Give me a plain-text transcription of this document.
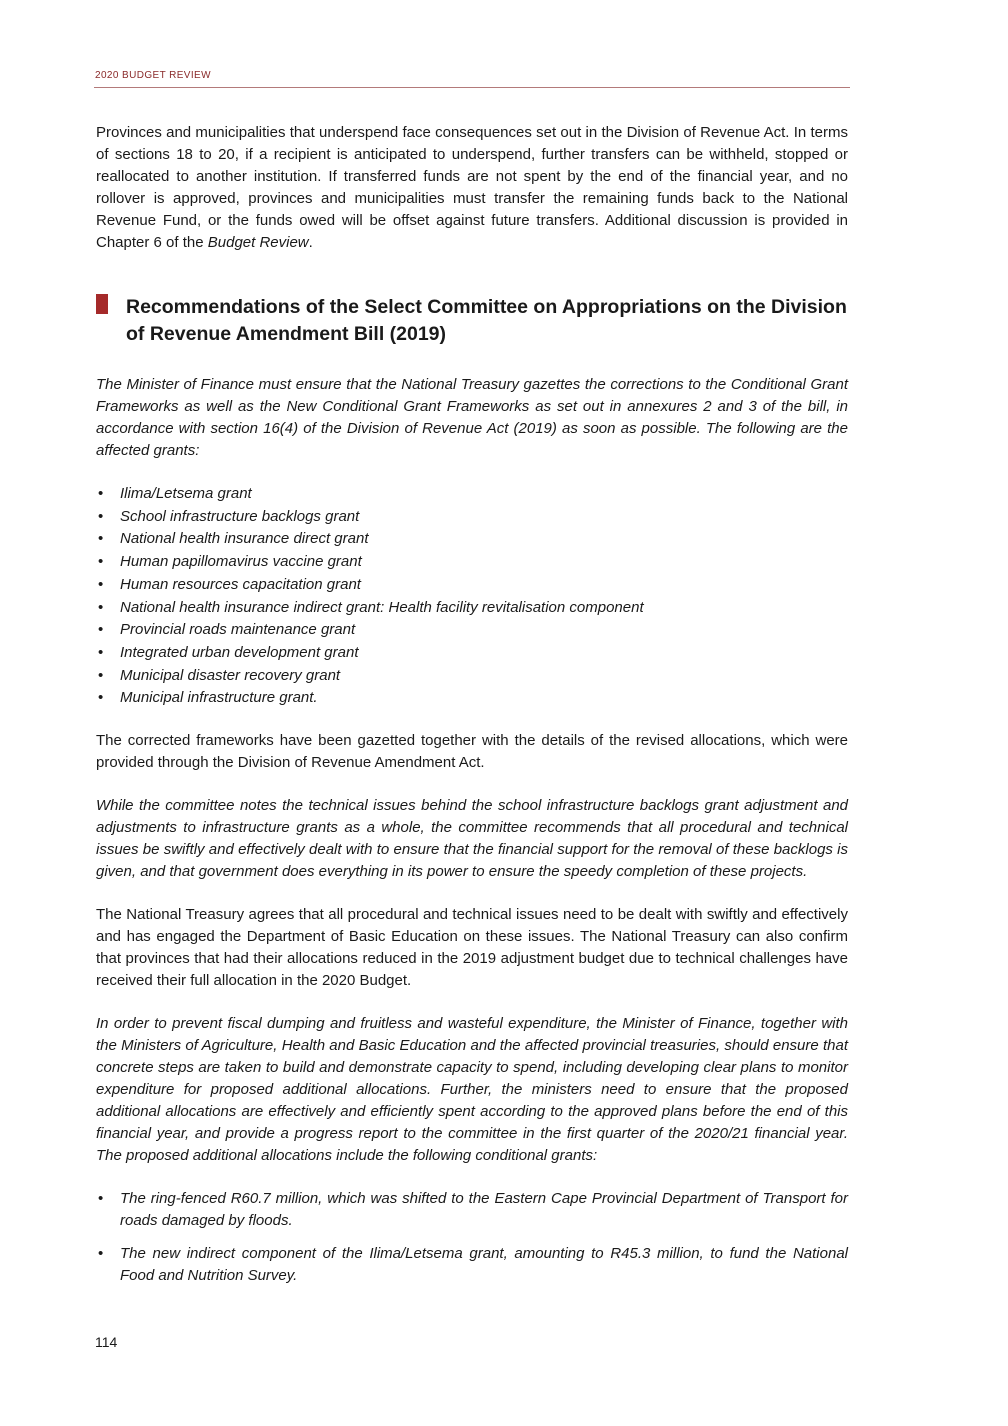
2020 BUDGET REVIEW

Provinces and municipalities that underspend face consequences set out in the Division of Revenue Act. In terms of sections 18 to 20, if a recipient is anticipated to underspend, further transfers can be withheld, stopped or reallocated to another institution. If transferred funds are not spent by the end of the financial year, and no rollover is approved, provinces and municipalities must transfer the remaining funds back to the National Revenue Fund, or the funds owed will be offset against future transfers. Additional discussion is provided in Chapter 6 of the Budget Review.

Recommendations of the Select Committee on Appropriations on the Division of Revenue Amendment Bill (2019)

The Minister of Finance must ensure that the National Treasury gazettes the corrections to the Conditional Grant Frameworks as well as the New Conditional Grant Frameworks as set out in annexures 2 and 3 of the bill, in accordance with section 16(4) of the Division of Revenue Act (2019) as soon as possible. The following are the affected grants:

• Ilima/Letsema grant
• School infrastructure backlogs grant
• National health insurance direct grant
• Human papillomavirus vaccine grant
• Human resources capacitation grant
• National health insurance indirect grant: Health facility revitalisation component
• Provincial roads maintenance grant
• Integrated urban development grant
• Municipal disaster recovery grant
• Municipal infrastructure grant.

The corrected frameworks have been gazetted together with the details of the revised allocations, which were provided through the Division of Revenue Amendment Act.

While the committee notes the technical issues behind the school infrastructure backlogs grant adjustment and adjustments to infrastructure grants as a whole, the committee recommends that all procedural and technical issues be swiftly and effectively dealt with to ensure that the financial support for the removal of these backlogs is given, and that government does everything in its power to ensure the speedy completion of these projects.

The National Treasury agrees that all procedural and technical issues need to be dealt with swiftly and effectively and has engaged the Department of Basic Education on these issues. The National Treasury can also confirm that provinces that had their allocations reduced in the 2019 adjustment budget due to technical challenges have received their full allocation in the 2020 Budget.

In order to prevent fiscal dumping and fruitless and wasteful expenditure, the Minister of Finance, together with the Ministers of Agriculture, Health and Basic Education and the affected provincial treasuries, should ensure that concrete steps are taken to build and demonstrate capacity to spend, including developing clear plans to monitor expenditure for proposed additional allocations. Further, the ministers need to ensure that the proposed additional allocations are effectively and efficiently spent according to the approved plans before the end of this financial year, and provide a progress report to the committee in the first quarter of the 2020/21 financial year. The proposed additional allocations include the following conditional grants:

• The ring-fenced R60.7 million, which was shifted to the Eastern Cape Provincial Department of Transport for roads damaged by floods.
• The new indirect component of the Ilima/Letsema grant, amounting to R45.3 million, to fund the National Food and Nutrition Survey.
114
